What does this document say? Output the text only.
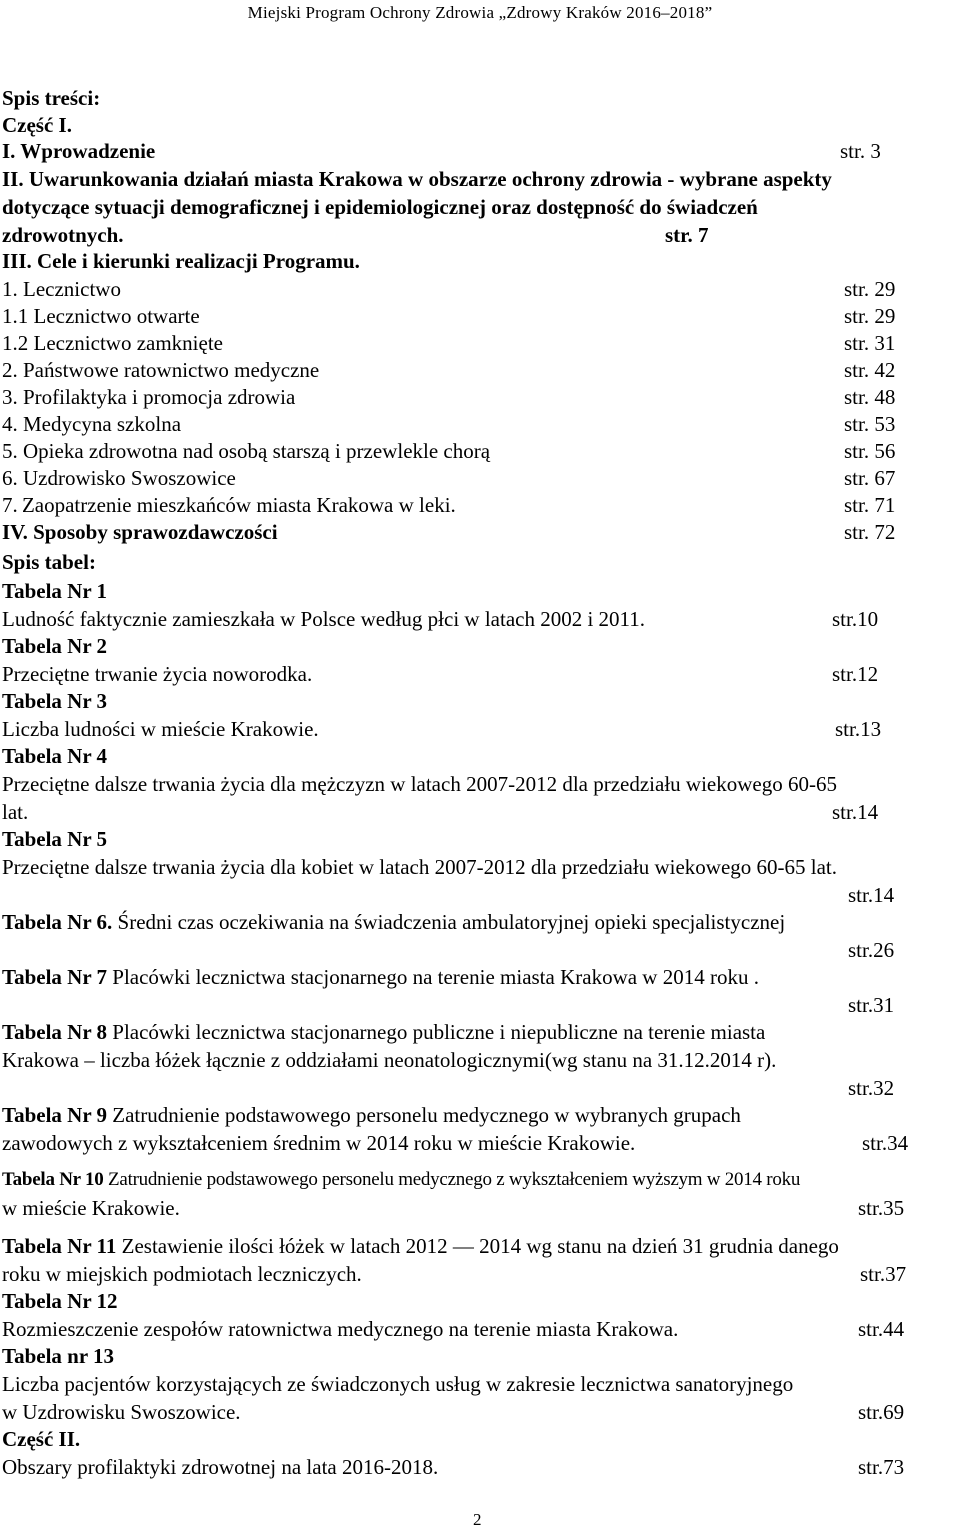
Miejski Program Ochrony Zdrowia „Zdrowy Kraków 2016–2018”
Spis treści:
Część I.
I. Wprowadzenie	str. 3
II. Uwarunkowania działań miasta Krakowa w obszarze ochrony zdrowia - wybrane aspekty
dotyczące sytuacji demograficznej i epidemiologicznej oraz dostępność do świadczeń
zdrowotnych.	str. 7
III. Cele i kierunki realizacji Programu.
1. Lecznictwo	str. 29
1.1 Lecznictwo otwarte	str. 29
1.2 Lecznictwo zamknięte	str. 31
2. Państwowe ratownictwo medyczne	str. 42
3. Profilaktyka i promocja zdrowia	str. 48
4. Medycyna szkolna	str. 53
5. Opieka zdrowotna nad osobą starszą i przewlekle chorą	str. 56
6. Uzdrowisko Swoszowice	str. 67
7. Zaopatrzenie mieszkańców miasta Krakowa w leki.	str. 71
IV. Sposoby sprawozdawczości	str. 72
Spis tabel:
Tabela Nr 1
Ludność faktycznie zamieszkała w Polsce według płci w latach 2002 i 2011.	str.10
Tabela Nr 2
Przeciętne trwanie życia noworodka.	str.12
Tabela Nr 3
Liczba ludności w mieście Krakowie.	str.13
Tabela Nr 4
Przeciętne dalsze trwania życia dla mężczyzn w latach 2007-2012 dla przedziału wiekowego 60-65
lat.	str.14
Tabela Nr 5
Przeciętne dalsze trwania życia dla kobiet w latach 2007-2012 dla przedziału wiekowego 60-65 lat.
str.14
Tabela Nr 6. Średni czas oczekiwania na świadczenia ambulatoryjnej opieki specjalistycznej
str.26
Tabela Nr 7 Placówki lecznictwa stacjonarnego na terenie miasta Krakowa w 2014 roku .
str.31
Tabela Nr 8 Placówki lecznictwa stacjonarnego publiczne i niepubliczne na terenie miasta
Krakowa – liczba łóżek łącznie z oddziałami neonatologicznymi(wg stanu na 31.12.2014 r).
str.32
Tabela Nr 9 Zatrudnienie podstawowego personelu medycznego w wybranych grupach
zawodowych z wykształceniem średnim w 2014 roku w mieście Krakowie.	str.34
Tabela Nr 10 Zatrudnienie podstawowego personelu medycznego z wykształceniem wyższym w 2014 roku
w mieście Krakowie.	str.35
Tabela Nr 11 Zestawienie ilości łóżek w latach 2012 — 2014 wg stanu na dzień 31 grudnia danego
roku w miejskich podmiotach leczniczych.	str.37
Tabela Nr 12
Rozmieszczenie zespołów ratownictwa medycznego na terenie miasta Krakowa.	str.44
Tabela nr 13
Liczba pacjentów korzystających ze świadczonych usług w zakresie lecznictwa sanatoryjnego
w Uzdrowisku Swoszowice.	str.69
Część II.
Obszary profilaktyki zdrowotnej na lata 2016-2018.	str.73
2
